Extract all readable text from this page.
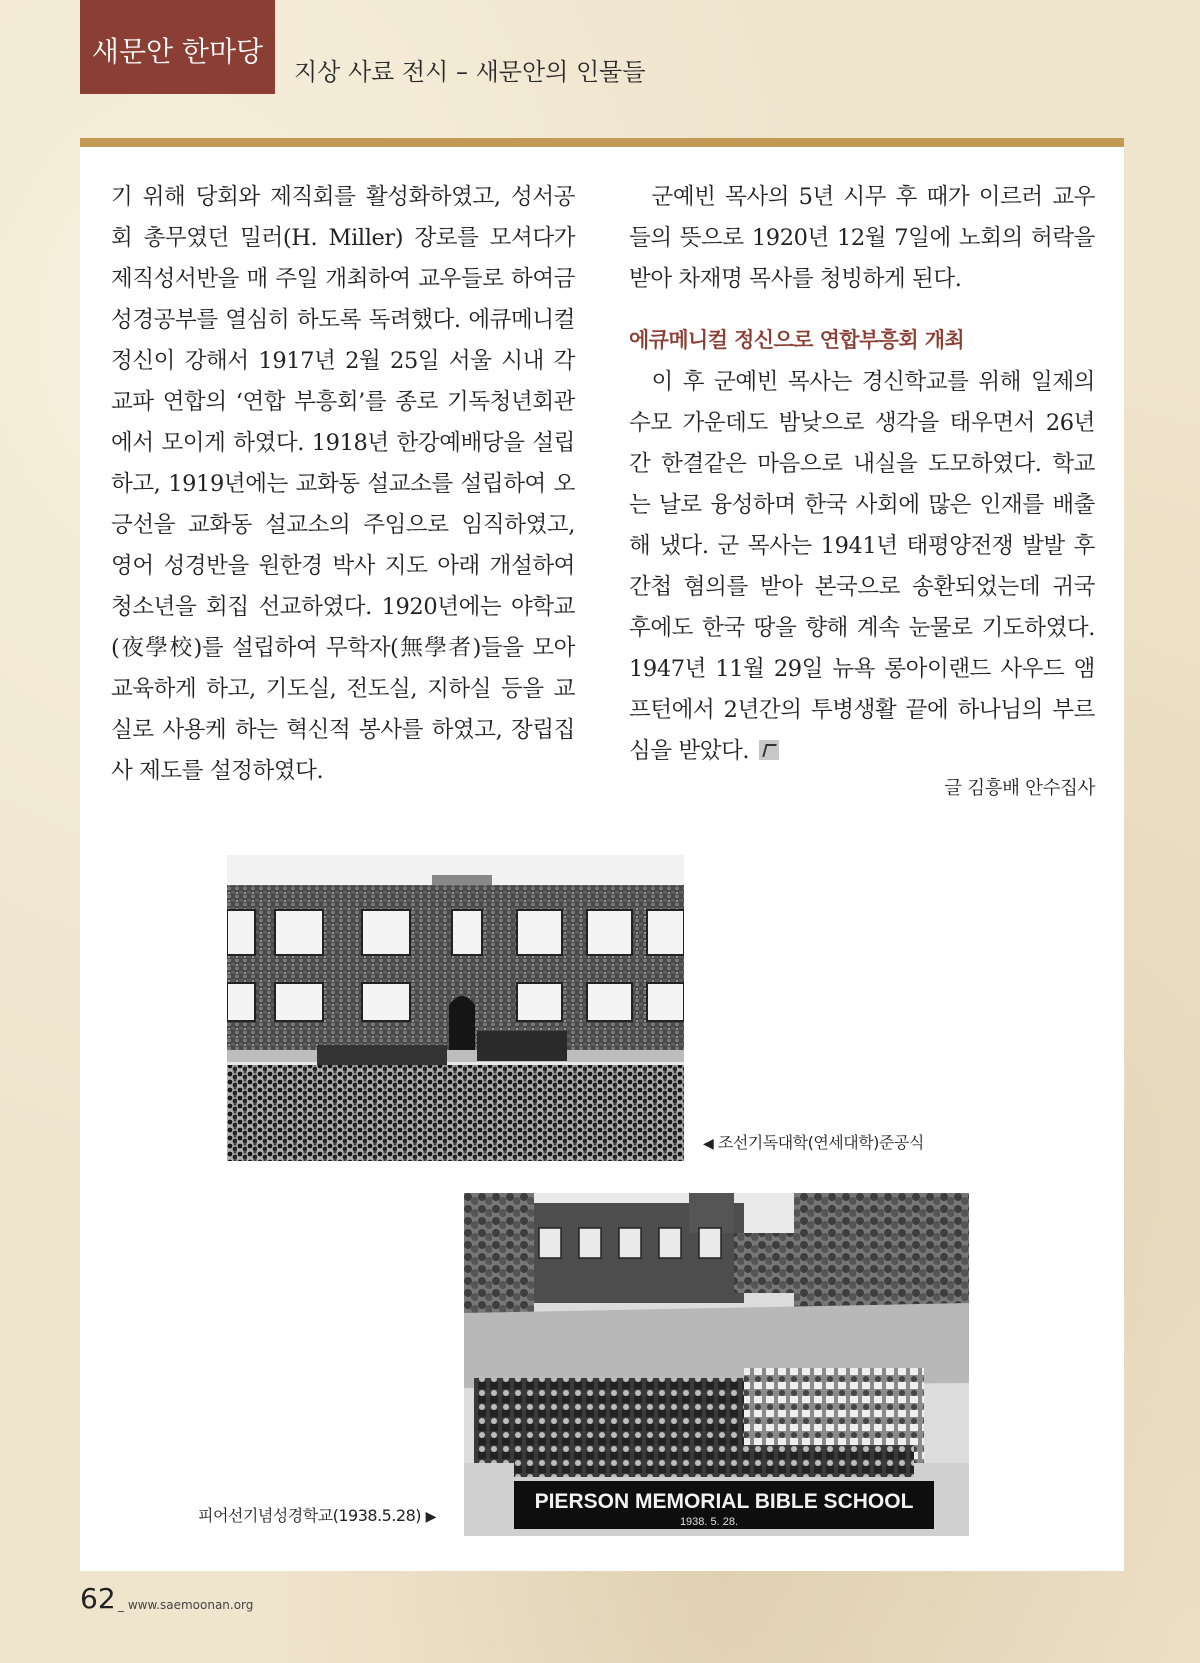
새문안 한마당
지상 사료 전시 – 새문안의 인물들

기 위해 당회와 제직회를 활성화하였고, 성서공회 총무였던 밀러(H. Miller) 장로를 모셔다가 제직성서반을 매 주일 개최하여 교우들로 하여금 성경공부를 열심히 하도록 독려했다. 에큐메니컬 정신이 강해서 1917년 2월 25일 서울 시내 각 교파 연합의 ‘연합 부흥회’를 종로 기독청년회관에서 모이게 하였다. 1918년 한강예배당을 설립하고, 1919년에는 교화동 설교소를 설립하여 오긍선을 교화동 설교소의 주임으로 임직하였고, 영어 성경반을 원한경 박사 지도 아래 개설하여 청소년을 회집 선교하였다. 1920년에는 야학교(夜學校)를 설립하여 무학자(無學者)들을 모아 교육하게 하고, 기도실, 전도실, 지하실 등을 교실로 사용케 하는 혁신적 봉사를 하였고, 장립집사 제도를 설정하였다.

군예빈 목사의 5년 시무 후 때가 이르러 교우들의 뜻으로 1920년 12월 7일에 노회의 허락을 받아 차재명 목사를 청빙하게 된다.

에큐메니컬 정신으로 연합부흥회 개최

이 후 군예빈 목사는 경신학교를 위해 일제의 수모 가운데도 밤낮으로 생각을 태우면서 26년간 한결같은 마음으로 내실을 도모하였다. 학교는 날로 융성하며 한국 사회에 많은 인재를 배출해 냈다. 군 목사는 1941년 태평양전쟁 발발 후 간첩 혐의를 받아 본국으로 송환되었는데 귀국 후에도 한국 땅을 향해 계속 눈물로 기도하였다. 1947년 11월 29일 뉴욕 롱아이랜드 사우드 앰프턴에서 2년간의 투병생활 끝에 하나님의 부르심을 받았다.

글 김흥배 안수집사

◀ 조선기독대학(연세대학)준공식
PIERSON MEMORIAL BIBLE SCHOOL
1938. 5. 28.
피어선기념성경학교(1938.5.28) ▶
62 _ www.saemoonan.org
